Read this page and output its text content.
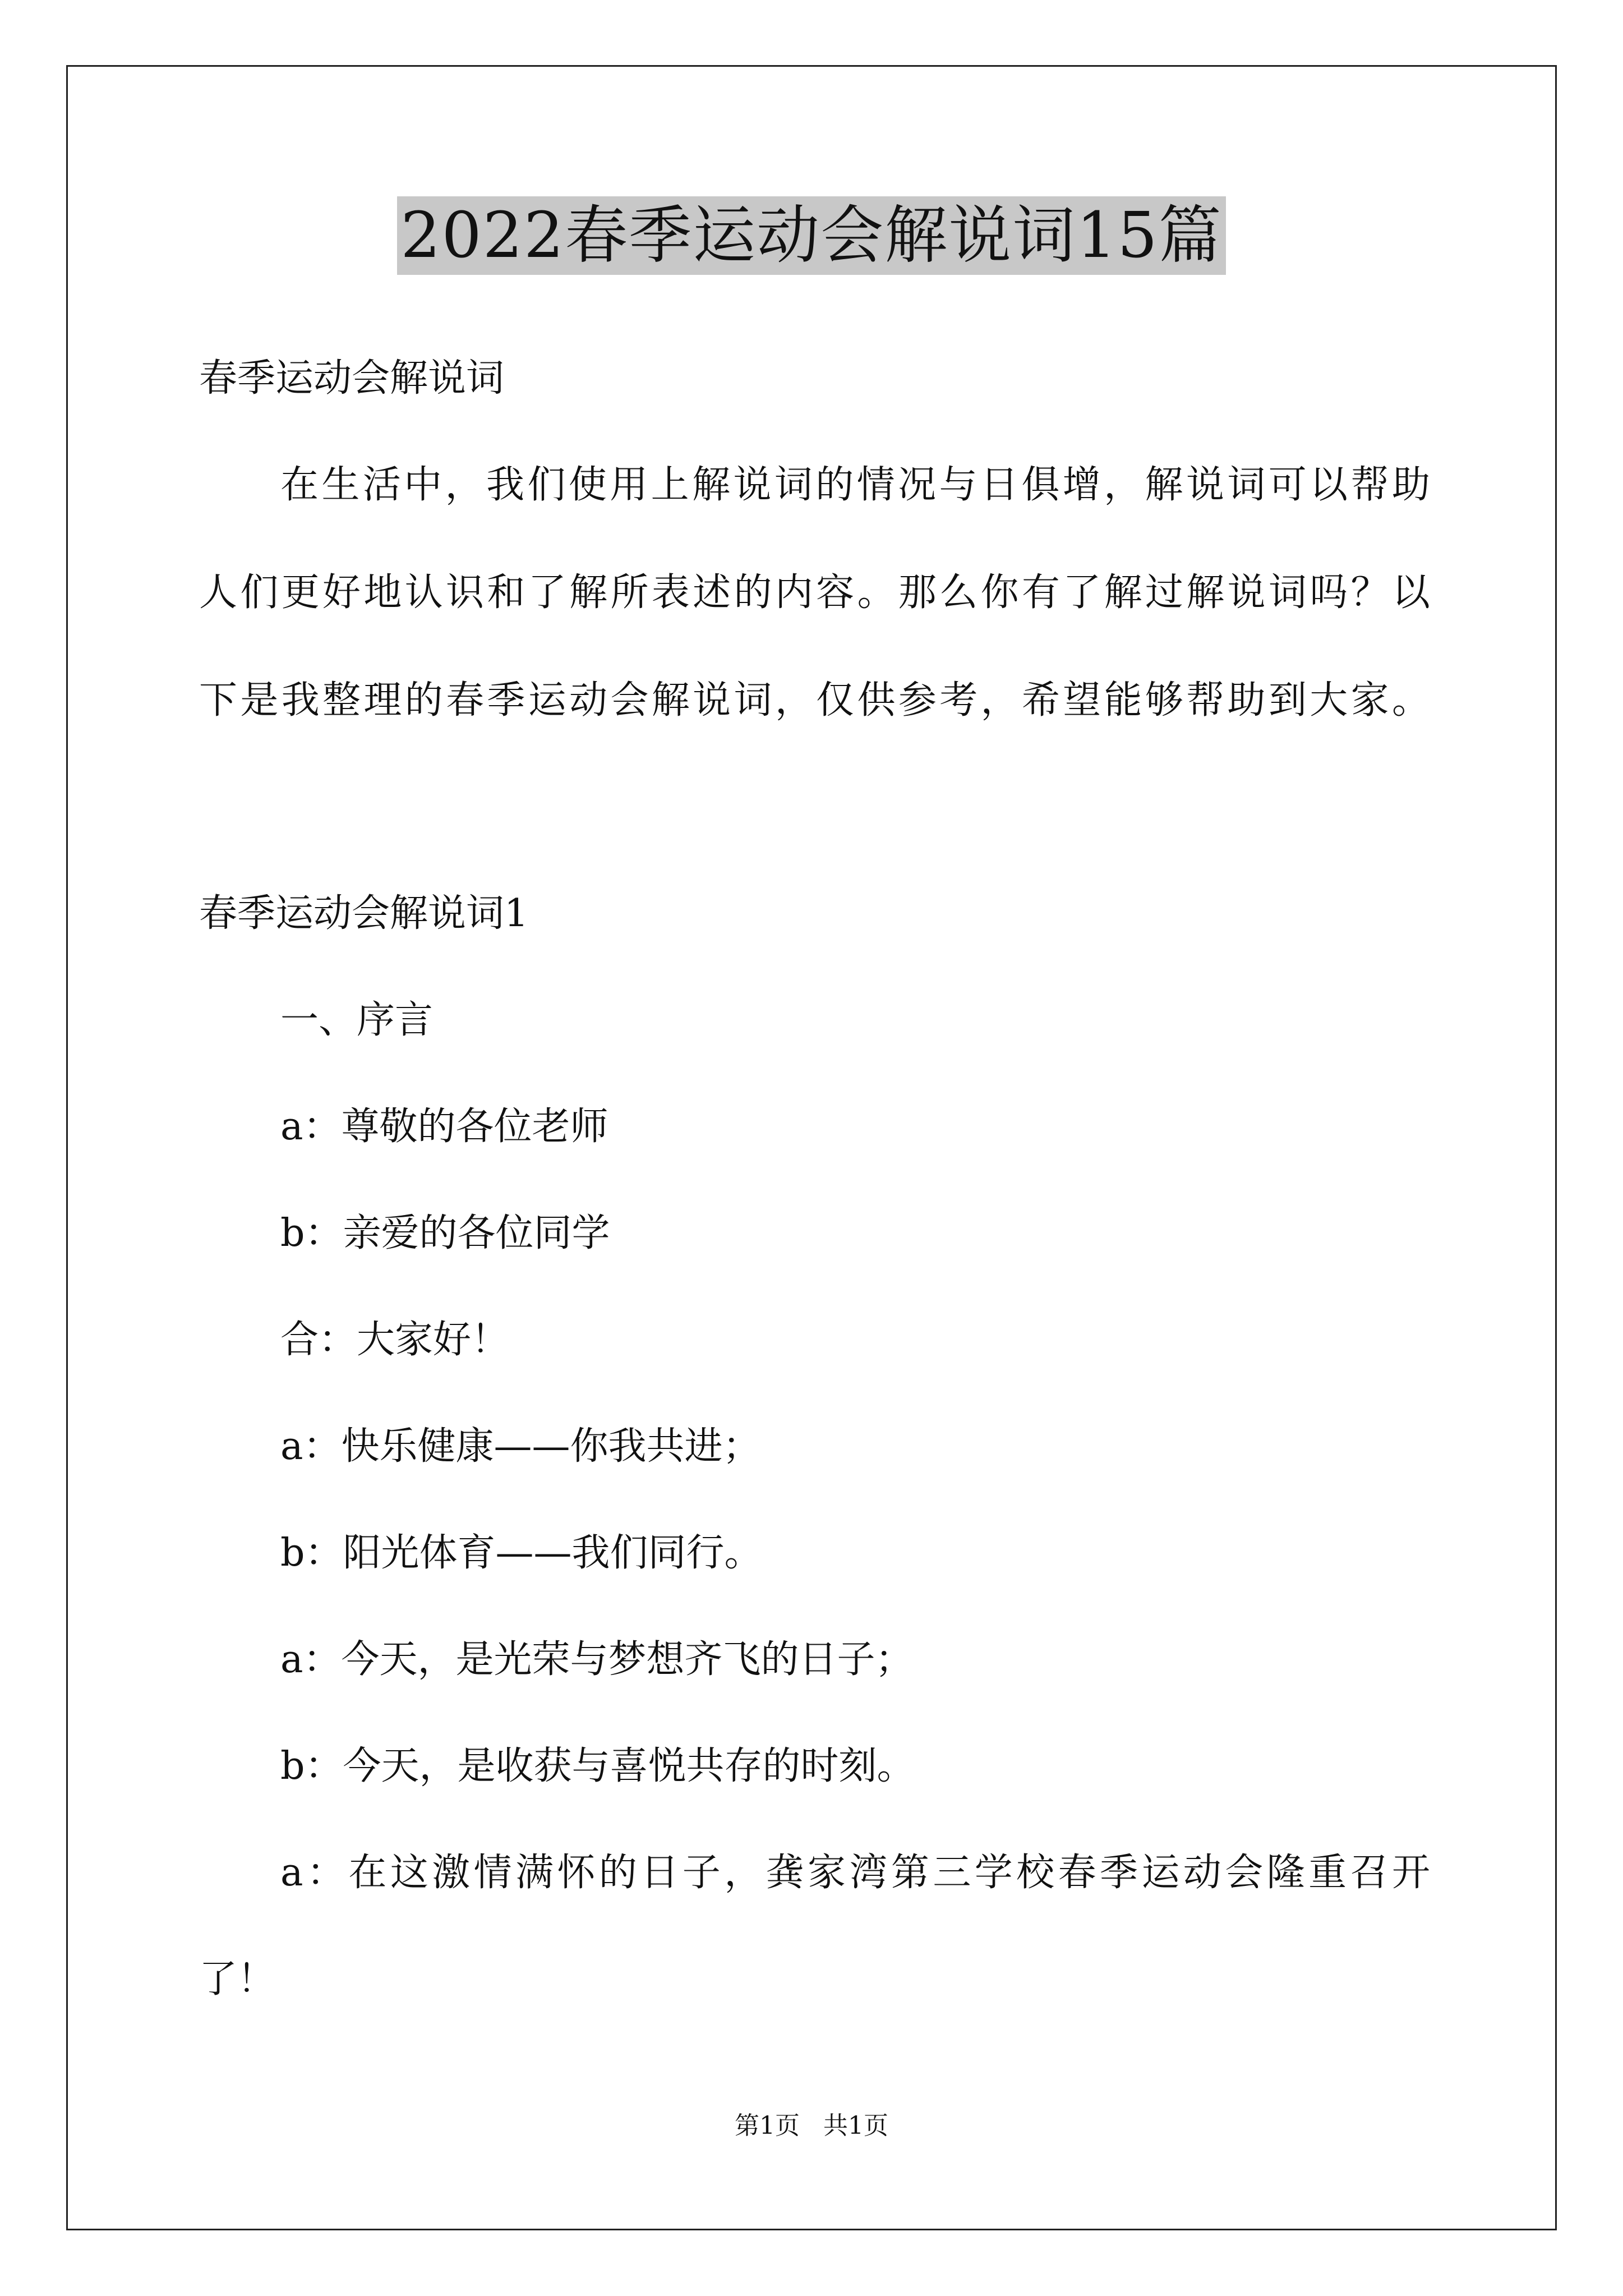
2022春季运动会解说词15篇
春季运动会解说词
在生活中，我们使用上解说词的情况与日俱增，解说词可以帮助
人们更好地认识和了解所表述的内容。那么你有了解过解说词吗？以
下是我整理的春季运动会解说词，仅供参考，希望能够帮助到大家。
春季运动会解说词1
一、序言
a：尊敬的各位老师
b：亲爱的各位同学
合：大家好！
a：快乐健康——你我共进；
b：阳光体育——我们同行。
a：今天，是光荣与梦想齐飞的日子；
b：今天，是收获与喜悦共存的时刻。
a：在这激情满怀的日子，龚家湾第三学校春季运动会隆重召开
了！
第1页   共1页
